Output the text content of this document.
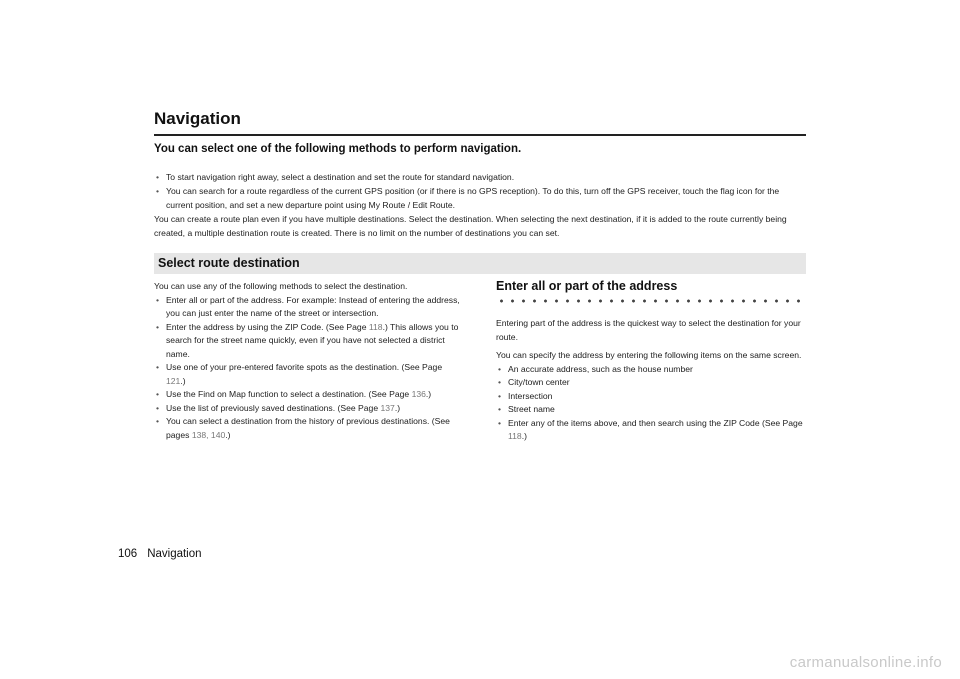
Navigation
You can select one of the following methods to perform navigation.
• To start navigation right away, select a destination and set the route for standard navigation.
• You can search for a route regardless of the current GPS position (or if there is no GPS reception). To do this, turn off the GPS receiver, touch the flag icon for the current position, and set a new departure point using My Route / Edit Route.

You can create a route plan even if you have multiple destinations. Select the destination. When selecting the next destination, if it is added to the route currently being created, a multiple destination route is created. There is no limit on the number of destinations you can set.

Select route destination

You can use any of the following methods to select the destination.

• Enter all or part of the address. For example: Instead of entering the address, you can just enter the name of the street or intersection.
• Enter the address by using the ZIP Code. (See Page 118.) This allows you to search for the street name quickly, even if you have not selected a district name.
• Use one of your pre-entered favorite spots as the destination. (See Page 121.)
• Use the Find on Map function to select a destination. (See Page 136.)
• Use the list of previously saved destinations. (See Page 137.)
• You can select a destination from the history of previous destinations. (See pages 138, 140.)
Enter all or part of the address

Entering part of the address is the quickest way to select the destination for your route.

You can specify the address by entering the following items on the same screen.

• An accurate address, such as the house number
• City/town center
• Intersection
• Street name
• Enter any of the items above, and then search using the ZIP Code (See Page 118.)
106 Navigation
carmanualsonline.info
